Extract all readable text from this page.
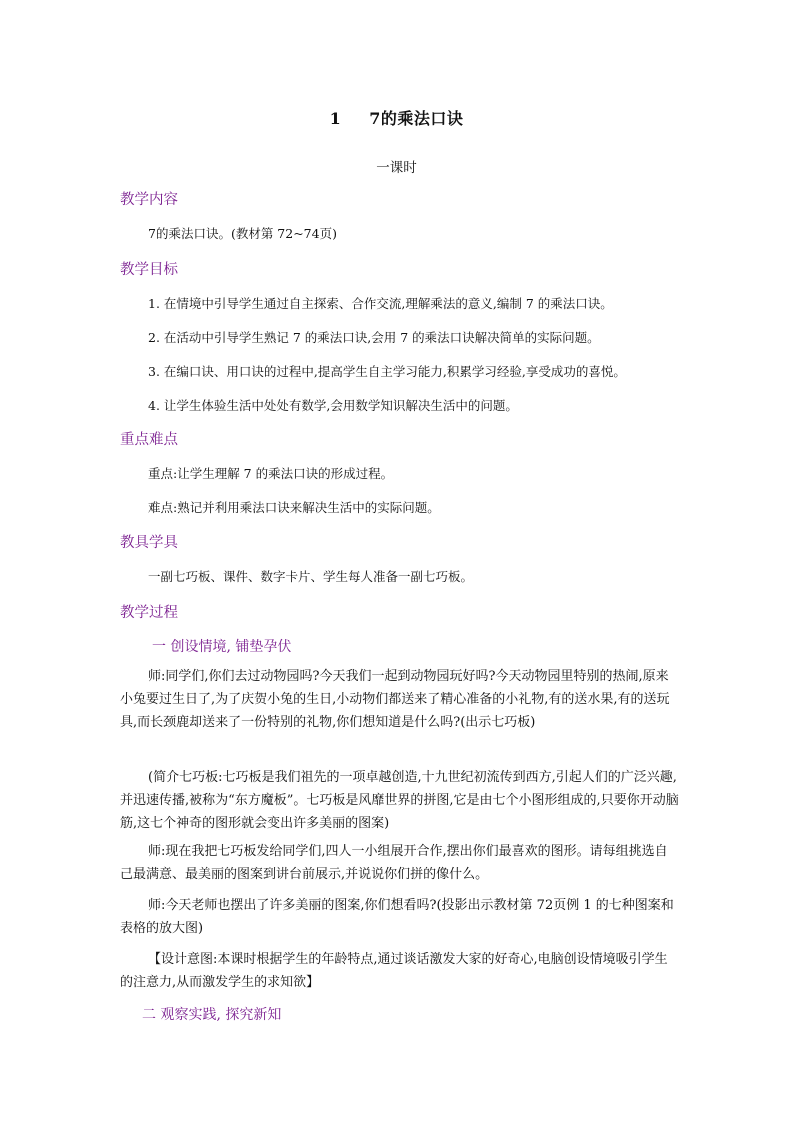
1 7的乘法口诀
一课时
教学内容
7的乘法口诀。(教材第 72~74页)
教学目标
1. 在情境中引导学生通过自主探索、合作交流,理解乘法的意义,编制 7 的乘法口诀。
2. 在活动中引导学生熟记 7 的乘法口诀,会用 7 的乘法口诀解决简单的实际问题。
3. 在编口诀、用口诀的过程中,提高学生自主学习能力,积累学习经验,享受成功的喜悦。
4. 让学生体验生活中处处有数学,会用数学知识解决生活中的问题。
重点难点
重点:让学生理解 7 的乘法口诀的形成过程。
难点:熟记并利用乘法口诀来解决生活中的实际问题。
教具学具
一副七巧板、课件、数字卡片、学生每人准备一副七巧板。
教学过程
一 创设情境, 铺垫孕伏
师:同学们,你们去过动物园吗?今天我们一起到动物园玩好吗?今天动物园里特别的热闹,原来小兔要过生日了,为了庆贺小兔的生日,小动物们都送来了精心准备的小礼物,有的送水果,有的送玩具,而长颈鹿却送来了一份特别的礼物,你们想知道是什么吗?(出示七巧板)
(简介七巧板:七巧板是我们祖先的一项卓越创造,十九世纪初流传到西方,引起人们的广泛兴趣,并迅速传播,被称为“东方魔板”。七巧板是风靡世界的拼图,它是由七个小图形组成的,只要你开动脑筋,这七个神奇的图形就会变出许多美丽的图案)
师:现在我把七巧板发给同学们,四人一小组展开合作,摆出你们最喜欢的图形。请每组挑选自己最满意、最美丽的图案到讲台前展示,并说说你们拼的像什么。
师:今天老师也摆出了许多美丽的图案,你们想看吗?(投影出示教材第 72页例 1 的七种图案和表格的放大图)
【设计意图:本课时根据学生的年龄特点,通过谈话激发大家的好奇心,电脑创设情境吸引学生的注意力,从而激发学生的求知欲】
二 观察实践, 探究新知
